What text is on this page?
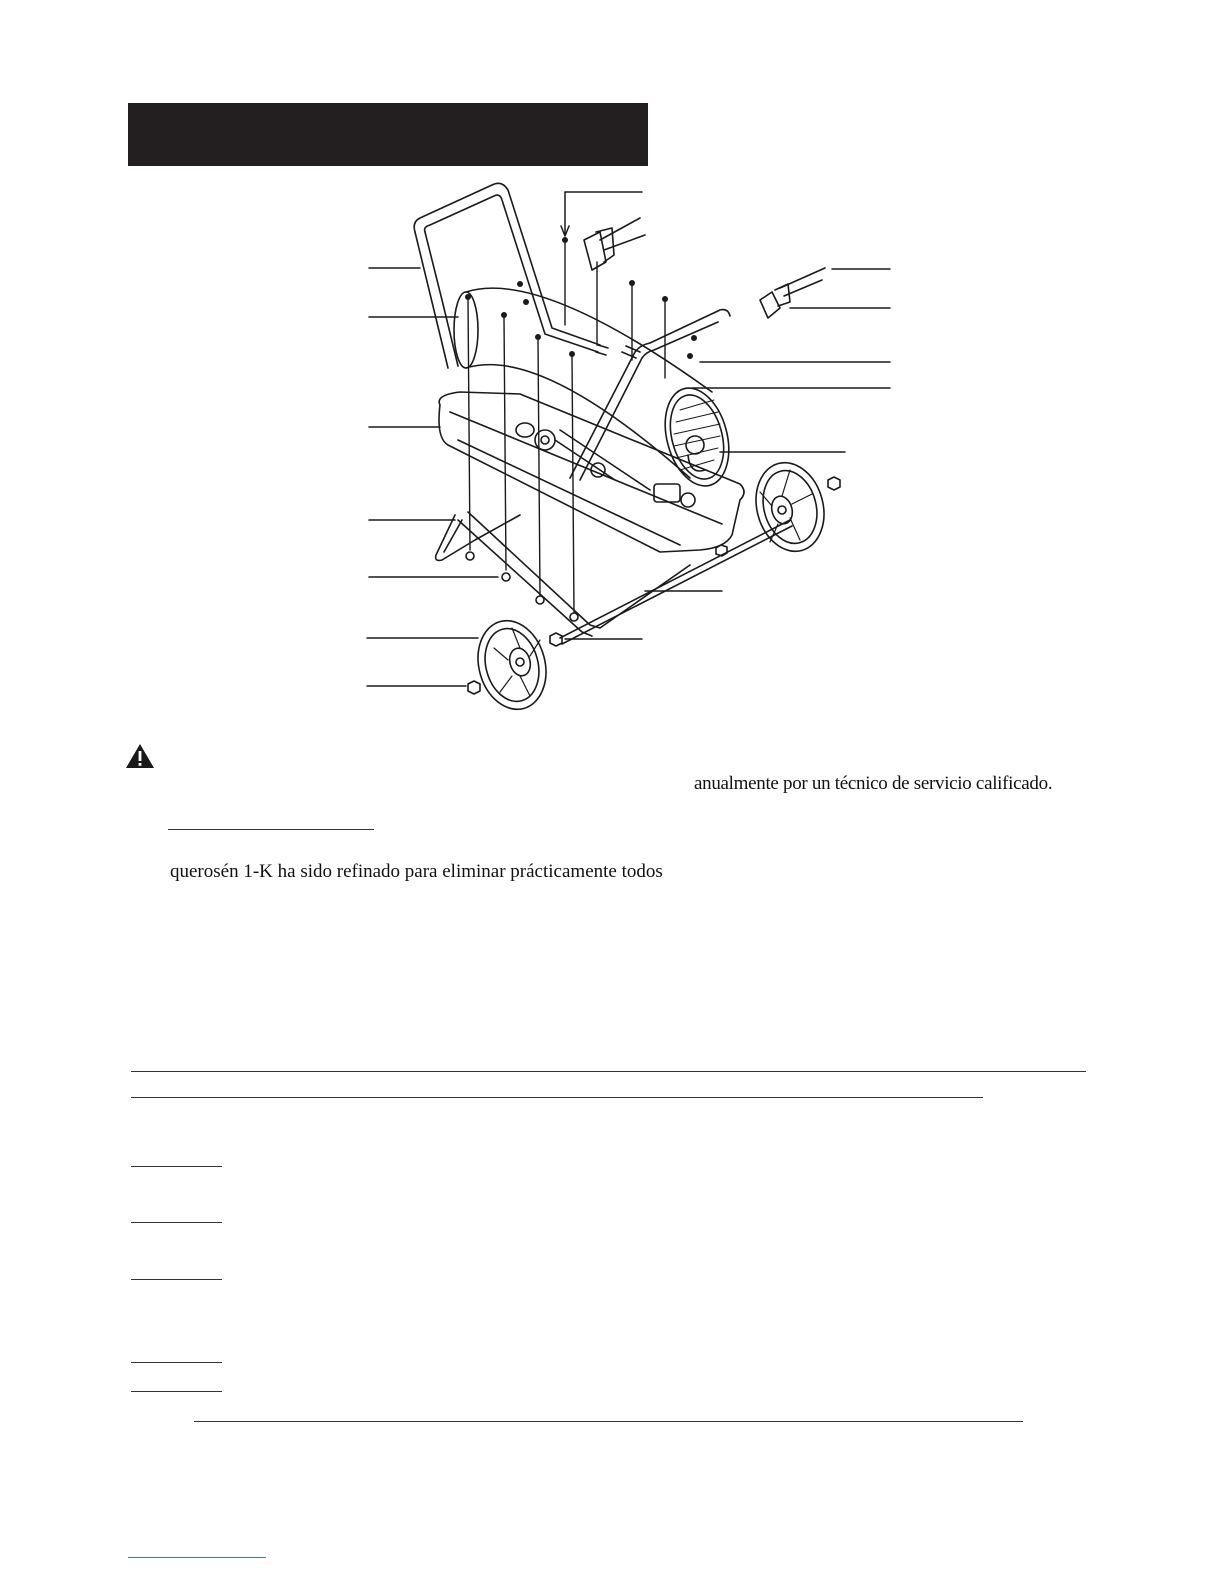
anualmente por un técnico de servicio calificado.
querosén 1-K ha sido refinado para eliminar prácticamente todos
